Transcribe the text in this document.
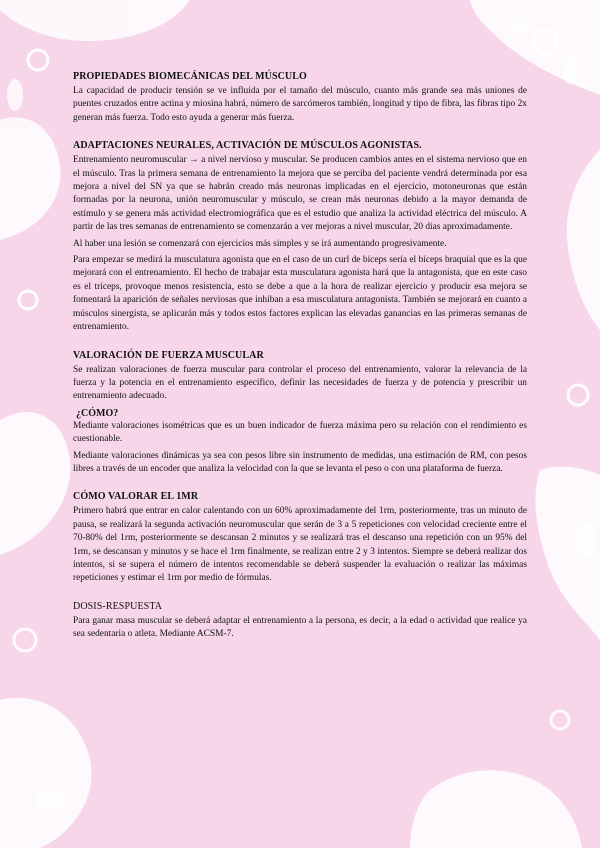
PROPIEDADES BIOMECÁNICAS DEL MÚSCULO

La capacidad de producir tensión se ve influida por el tamaño del músculo, cuanto más grande sea más uniones de puentes cruzados entre actina y miosina habrá, número de sarcómeros también, longitud y tipo de fibra, las fibras tipo 2x generan más fuerza. Todo esto ayuda a generar más fuerza.

ADAPTACIONES NEURALES, ACTIVACIÓN DE MÚSCULOS AGONISTAS.

Entrenamiento neuromuscular → a nivel nervioso y muscular. Se producen cambios antes en el sistema nervioso que en el músculo. Tras la primera semana de entrenamiento la mejora que se perciba del paciente vendrá determinada por esa mejora a nivel del SN ya que se habrán creado más neuronas implicadas en el ejercicio, motoneuronas que están formadas por la neurona, unión neuromuscular y músculo, se crean más neuronas debido a la mayor demanda de estímulo y se genera más actividad electromiográfica que es el estudio que analiza la actividad eléctrica del músculo. A partir de las tres semanas de entrenamiento se comenzarán a ver mejoras a nivel muscular, 20 días aproximadamente.

Al haber una lesión se comenzará con ejercicios más simples y se irá aumentando progresivamente.

Para empezar se medirá la musculatura agonista que en el caso de un curl de bíceps sería el bíceps braquial que es la que mejorará con el entrenamiento. El hecho de trabajar esta musculatura agonista hará que la antagonista, que en este caso es el tríceps, provoque menos resistencia, esto se debe a que a la hora de realizar ejercicio y producir esa mejora se fomentará la aparición de señales nerviosas que inhiban a esa musculatura antagonista. También se mejorará en cuanto a músculos sinergista, se aplicarán más y todos estos factores explican las elevadas ganancias en las primeras semanas de entrenamiento.

VALORACIÓN DE FUERZA MUSCULAR

Se realizan valoraciones de fuerza muscular para controlar el proceso del entrenamiento, valorar la relevancia de la fuerza y la potencia en el entrenamiento específico, definir las necesidades de fuerza y de potencia y prescribir un entrenamiento adecuado.

¿CÓMO?

Mediante valoraciones isométricas que es un buen indicador de fuerza máxima pero su relación con el rendimiento es cuestionable.

Mediante valoraciones dinámicas ya sea con pesos libre sin instrumento de medidas, una estimación de RM, con pesos libres a través de un encoder que analiza la velocidad con la que se levanta el peso o con una plataforma de fuerza.

CÓMO VALORAR EL 1MR

Primero habrá que entrar en calor calentando con un 60% aproximadamente del 1rm, posteriormente, tras un minuto de pausa, se realizará la segunda activación neuromuscular que serán de 3 a 5 repeticiones con velocidad creciente entre el 70-80% del 1rm, posteriormente se descansan 2 minutos y se realizará tras el descanso una repetición con un 95% del 1rm, se descansan y minutos y se hace el 1rm finalmente, se realizan entre 2 y 3 intentos. Siempre se deberá realizar dos intentos, si se supera el número de intentos recomendable se deberá suspender la evaluación o realizar las máximas repeticiones y estimar el 1rm por medio de fórmulas.

DOSIS-RESPUESTA

Para ganar masa muscular se deberá adaptar el entrenamiento a la persona, es decir, a la edad o actividad que realice ya sea sedentaria o atleta. Mediante ACSM-7.
